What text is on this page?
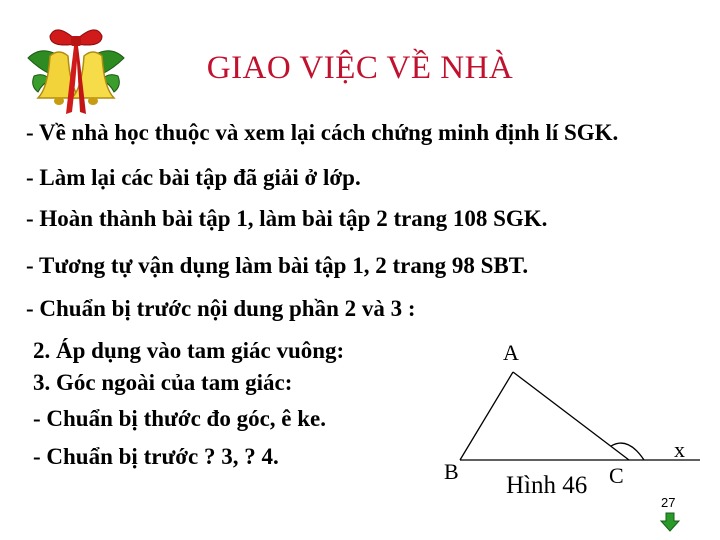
GIAO VIỆC VỀ NHÀ
- Về nhà học thuộc và xem lại cách chứng minh định lí SGK.
- Làm lại các bài tập đã giải ở lớp.
- Hoàn thành bài tập 1, làm bài tập 2 trang 108 SGK.
- Tương tự vận dụng làm bài tập 1, 2 trang 98 SBT.
- Chuẩn bị trước nội dung phần 2 và 3 :
2. Áp dụng vào tam giác vuông:
3. Góc ngoài của tam giác:
- Chuẩn bị thước đo góc, ê ke.
- Chuẩn bị trước ? 3, ? 4.
A
B	C
x
Hình 46
27
